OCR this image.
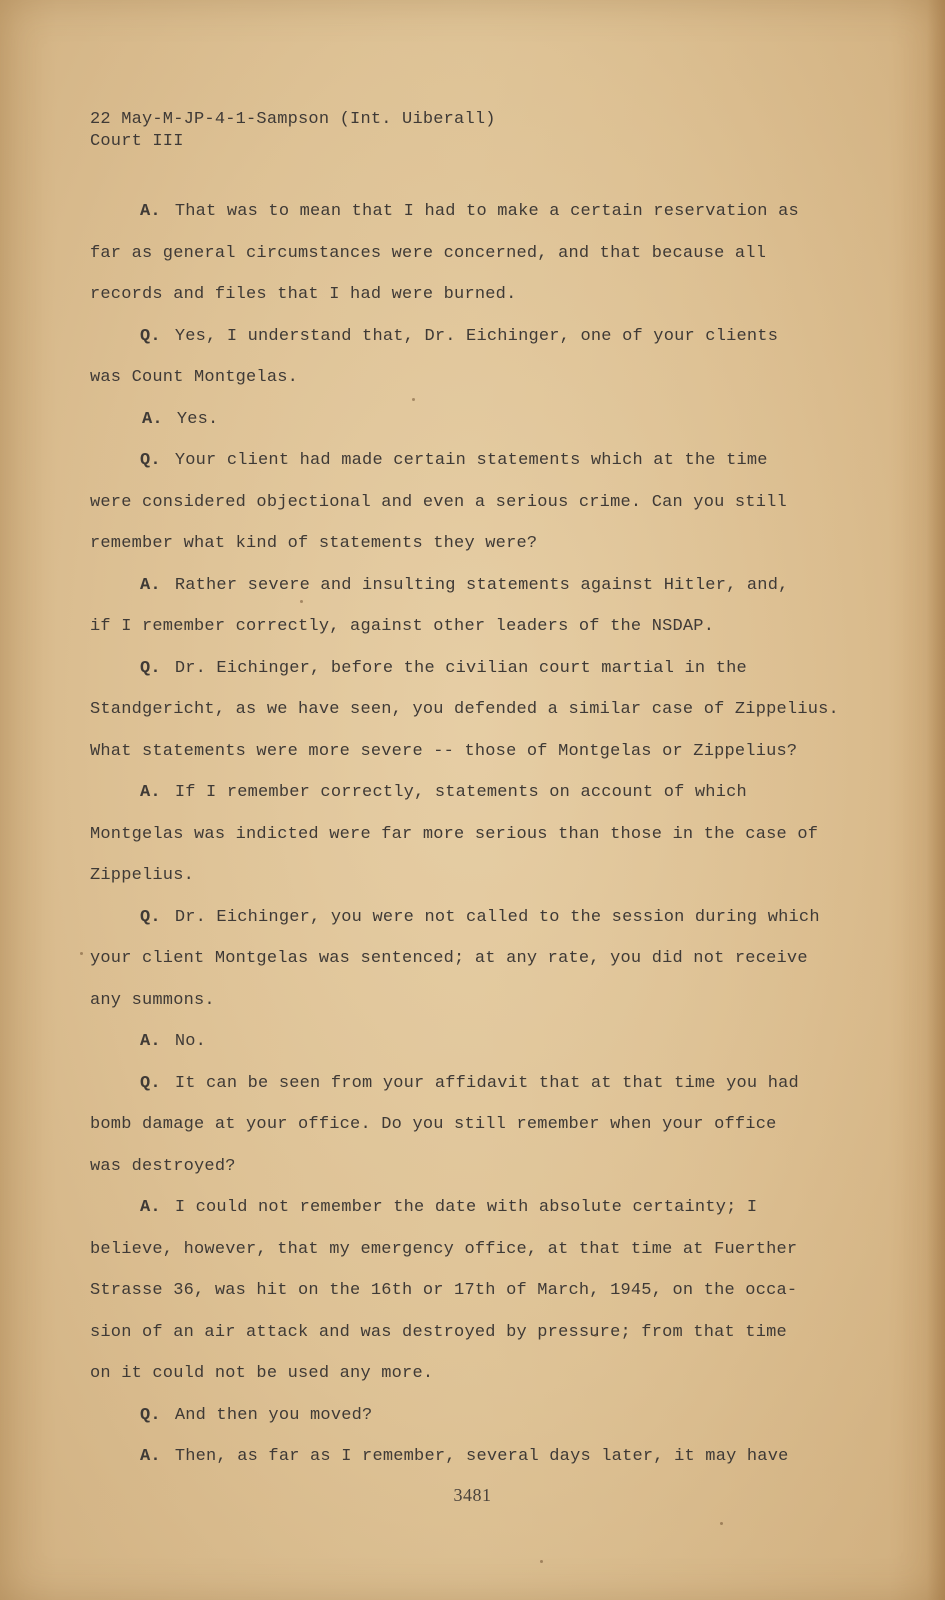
22 May-M-JP-4-1-Sampson (Int. Uiberall)
Court III
A. That was to mean that I had to make a certain reservation as
far as general circumstances were concerned, and that because all
records and files that I had were burned.
Q. Yes, I understand that, Dr. Eichinger, one of your clients
was Count Montgelas.
A. Yes.
Q. Your client had made certain statements which at the time
were considered objectional and even a serious crime. Can you still
remember what kind of statements they were?
A. Rather severe and insulting statements against Hitler, and,
if I remember correctly, against other leaders of the NSDAP.
Q. Dr. Eichinger, before the civilian court martial in the
Standgericht, as we have seen, you defended a similar case of Zippelius.
What statements were more severe -- those of Montgelas or Zippelius?
A. If I remember correctly, statements on account of which
Montgelas was indicted were far more serious than those in the case of
Zippelius.
Q. Dr. Eichinger, you were not called to the session during which
your client Montgelas was sentenced; at any rate, you did not receive
any summons.
A. No.
Q. It can be seen from your affidavit that at that time you had
bomb damage at your office. Do you still remember when your office
was destroyed?
A. I could not remember the date with absolute certainty; I
believe, however, that my emergency office, at that time at Fuerther
Strasse 36, was hit on the 16th or 17th of March, 1945, on the occa-
sion of an air attack and was destroyed by pressure; from that time
on it could not be used any more.
Q. And then you moved?
A. Then, as far as I remember, several days later, it may have
3481
